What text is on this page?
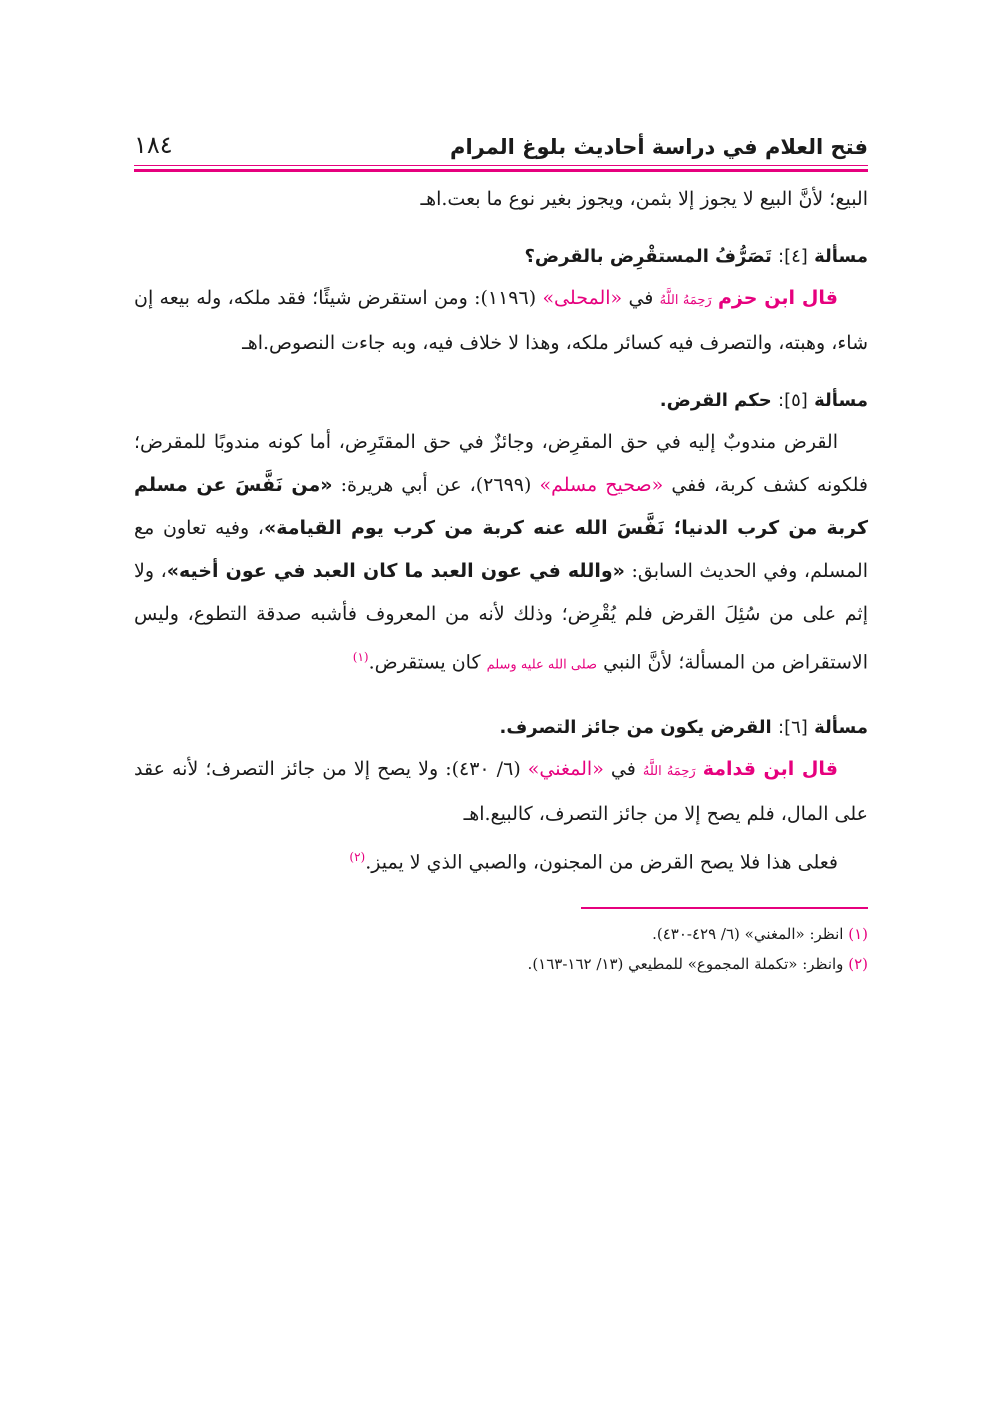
فتح العلام في دراسة أحاديث بلوغ المرام
١٨٤

البيع؛ لأنَّ البيع لا يجوز إلا بثمن، ويجوز بغير نوع ما بعت.اهـ

مسألة [٤]: تَصَرُّفُ المستقْرِض بالقرض؟

قال ابن حزم رَحِمَهُ اللَّهُ في «المحلى» (١١٩٦): ومن استقرض شيئًا؛ فقد ملكه، وله بيعه إن شاء، وهبته، والتصرف فيه كسائر ملكه، وهذا لا خلاف فيه، وبه جاءت النصوص.اهـ

مسألة [٥]: حكم القرض.

القرض مندوبٌ إليه في حق المقرِض، وجائزٌ في حق المقتَرِض، أما كونه مندوبًا للمقرض؛ فلكونه كشف كربة، ففي «صحيح مسلم» (٢٦٩٩)، عن أبي هريرة: «من نَفَّسَ عن مسلم كربة من كرب الدنيا؛ نَفَّسَ الله عنه كربة من كرب يوم القيامة»، وفيه تعاون مع المسلم، وفي الحديث السابق: «والله في عون العبد ما كان العبد في عون أخيه»، ولا إثم على من سُئِلَ القرض فلم يُقْرِض؛ وذلك لأنه من المعروف فأشبه صدقة التطوع، وليس الاستقراض من المسألة؛ لأنَّ النبي صلى الله عليه وسلم كان يستقرض.$^{(١)}$

مسألة [٦]: القرض يكون من جائز التصرف.

قال ابن قدامة رَحِمَهُ اللَّهُ في «المغني» (٦/ ٤٣٠): ولا يصح إلا من جائز التصرف؛ لأنه عقد على المال، فلم يصح إلا من جائز التصرف، كالبيع.اهـ

فعلى هذا فلا يصح القرض من المجنون، والصبي الذي لا يميز.$^{(٢)}$

(١) انظر: «المغني» (٦/ ٤٢٩-٤٣٠).
(٢) وانظر: «تكملة المجموع» للمطيعي (١٣/ ١٦٢-١٦٣).
